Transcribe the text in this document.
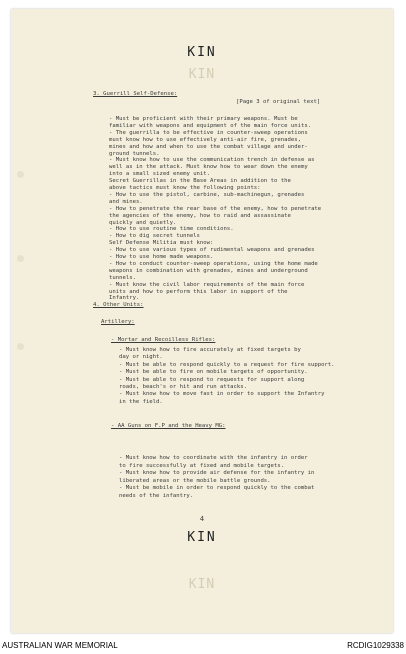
KIN
KIN
KIN
[Page 3 of original text]
3. Guerrill Self-Defense:
- Must be proficient with their primary weapons. Must be
familiar with weapons and equipment of the main force units.
- The guerrilla to be effective in counter-sweep operations
must know how to use effectively anti-air fire, grenades,
mines and how and when to use the combat village and under-
ground tunnels.
- Must know how to use the communication trench in defense as
well as in the attack. Must know how to wear down the enemy
into a small sized enemy unit.
Secret Guerrillas in the Base Areas in addition to the
above tactics must know the following points:
- How to use the pistol, carbine, sub-machinegun, grenades
and mines.
- How to penetrate the rear base of the enemy, how to penetrate
the agencies of the enemy, how to raid and assassinate
quickly and quietly.
- How to use routine time conditions.
- How to dig secret tunnels
Self Defense Militia must know:
- How to use various types of rudimental weapons and grenades
- How to use home made weapons.
- How to conduct counter-sweep operations, using the home made
weapons in combination with grenades, mines and underground
tunnels.
- Must know the civil labor requirements of the main force
units and how to perform this labor in support of the
Infantry.
4. Other Units:
Artillery:
- Mortar and Recoilless Rifles:
- Must know how to fire accurately at fixed targets by
day or night.
- Must be able to respond quickly to a request for fire support.
- Must be able to fire on mobile targets of opportunity.
- Must be able to respond to requests for support along
roads, beach's or hit and run attacks.
- Must know how to move fast in order to support the Infantry
in the field.
- AA Guns on F.P and the Heavy MG:
- Must know how to coordinate with the infantry in order
to fire successfully at fixed and mobile targets.
- Must know how to provide air defense for the infantry in
liberated areas or the mobile battle grounds.
- Must be mobile in order to respond quickly to the combat
needs of the infantry.
4
KIN
AUSTRALIAN WAR MEMORIAL	RCDIG1029338
